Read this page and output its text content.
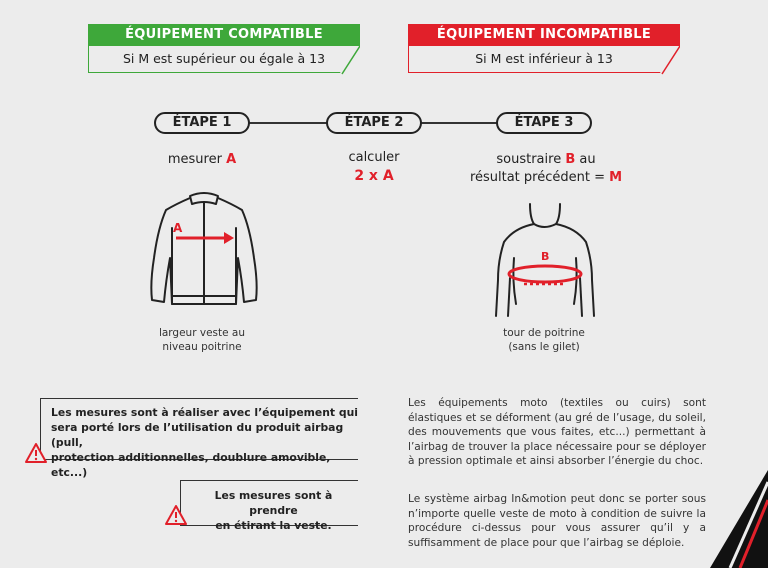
ÉQUIPEMENT COMPATIBLE
Si M est supérieur ou égale à 13
ÉQUIPEMENT INCOMPATIBLE
Si M est inférieur à 13
ÉTAPE 1	ÉTAPE 2	ÉTAPE 3
mesurer A	calculer
2 x A
soustraire B au
résultat précédent = M
A
largeur veste au
niveau poitrine
B
tour de poitrine
(sans le gilet)
Les mesures sont à réaliser avec l’équipement qui
sera porté lors de l’utilisation du produit airbag (pull,
protection additionnelles, doublure amovible, etc...)
Les mesures sont à prendre
en étirant la veste.
Les équipements moto (textiles ou cuirs) sont élastiques et se déforment (au gré de l’usage, du soleil, des mouvements que vous faites, etc...) permettant à l’airbag de trouver la place nécessaire pour se déployer à pression optimale et ainsi absorber l’énergie du choc.
Le système airbag In&motion peut donc se porter sous n’importe quelle veste de moto à condition de suivre la procédure ci-dessus pour vous assurer qu’il y a suffisamment de place pour que l’airbag se déploie.
